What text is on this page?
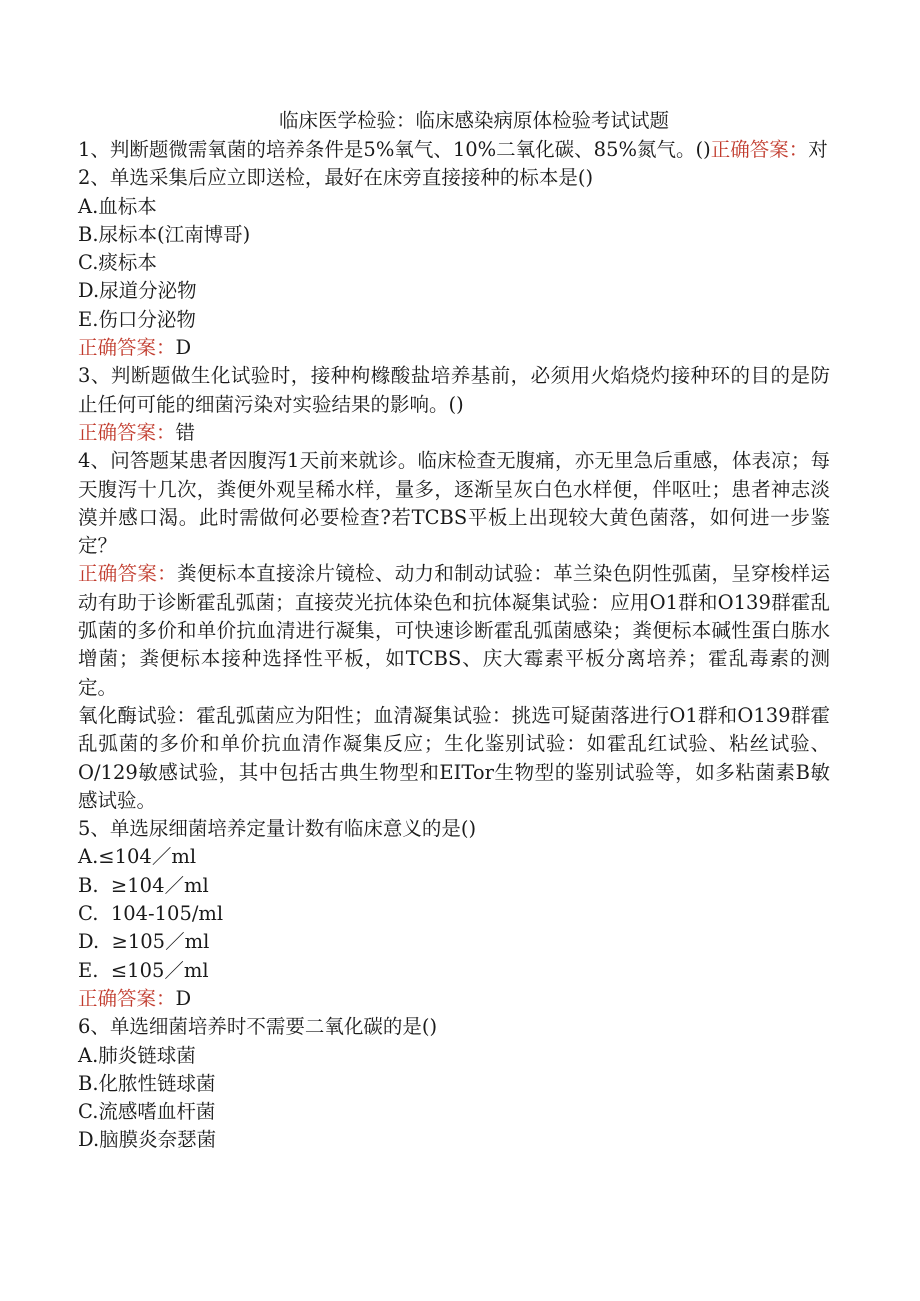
临床医学检验：临床感染病原体检验考试试题

1、判断题微需氧菌的培养条件是5%氧气、10%二氧化碳、85%氮气。()正确答案：对

2、单选采集后应立即送检，最好在床旁直接接种的标本是()

A.血标本

B.尿标本(江南博哥)

C.痰标本

D.尿道分泌物

E.伤口分泌物

正确答案：D

3、判断题做生化试验时，接种枸橼酸盐培养基前，必须用火焰烧灼接种环的目的是防止任何可能的细菌污染对实验结果的影响。()

正确答案：错

4、问答题某患者因腹泻1天前来就诊。临床检查无腹痛，亦无里急后重感，体表凉；每天腹泻十几次，粪便外观呈稀水样，量多，逐渐呈灰白色水样便，伴呕吐；患者神志淡漠并感口渴。此时需做何必要检查?若TCBS平板上出现较大黄色菌落，如何进一步鉴定？

正确答案：粪便标本直接涂片镜检、动力和制动试验：革兰染色阴性弧菌，呈穿梭样运动有助于诊断霍乱弧菌；直接荧光抗体染色和抗体凝集试验：应用O1群和O139群霍乱弧菌的多价和单价抗血清进行凝集，可快速诊断霍乱弧菌感染；粪便标本碱性蛋白胨水增菌；粪便标本接种选择性平板，如TCBS、庆大霉素平板分离培养；霍乱毒素的测定。

氧化酶试验：霍乱弧菌应为阳性；血清凝集试验：挑选可疑菌落进行O1群和O139群霍乱弧菌的多价和单价抗血清作凝集反应；生化鉴别试验：如霍乱红试验、粘丝试验、O/129敏感试验，其中包括古典生物型和EITor生物型的鉴别试验等，如多粘菌素B敏感试验。

5、单选尿细菌培养定量计数有临床意义的是()

A.≤104／ml

B.  ≥104／ml

C.  104-105/ml

D.  ≥105／ml

E.  ≤105／ml

正确答案：D

6、单选细菌培养时不需要二氧化碳的是()

A.肺炎链球菌

B.化脓性链球菌

C.流感嗜血杆菌

D.脑膜炎奈瑟菌
